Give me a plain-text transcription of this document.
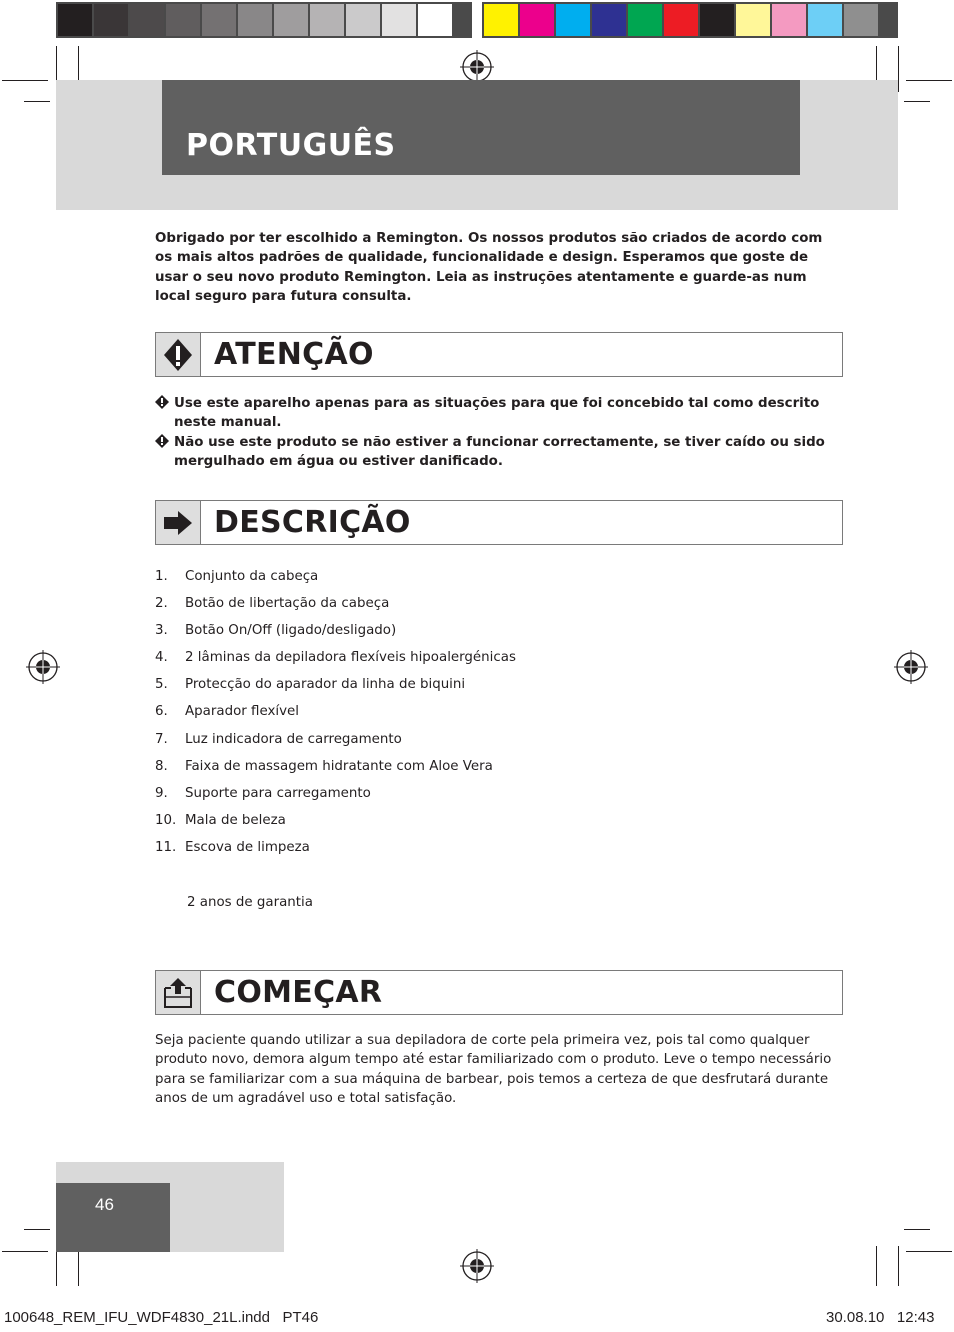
PORTUGUÊS
Obrigado por ter escolhido a Remington. Os nossos produtos são criados de acordo com os mais altos padrões de qualidade, funcionalidade e design. Esperamos que goste de usar o seu novo produto Remington. Leia as instruções atentamente e guarde-as num local seguro para futura consulta.
ATENÇÃO
Use este aparelho apenas para as situações para que foi concebido tal como descrito neste manual.
Não use este produto se não estiver a funcionar correctamente, se tiver caído ou sido mergulhado em água ou estiver danificado.
DESCRIÇÃO
1. Conjunto da cabeça
2. Botão de libertação da cabeça
3. Botão On/Off (ligado/desligado)
4. 2 lâminas da depiladora flexíveis hipoalergénicas
5. Protecção do aparador da linha de biquini
6. Aparador flexível
7. Luz indicadora de carregamento
8. Faixa de massagem hidratante com Aloe Vera
9. Suporte para carregamento
10. Mala de beleza
11. Escova de limpeza
2 anos de garantia
COMEÇAR
Seja paciente quando utilizar a sua depiladora de corte pela primeira vez, pois tal como qualquer produto novo, demora algum tempo até estar familiarizado com o produto. Leve o tempo necessário para se familiarizar com a sua máquina de barbear, pois temos a certeza de que desfrutará durante anos de um agradável uso e total satisfação.
46
100648_REM_IFU_WDF4830_21L.indd   PT46	30.08.10   12:43
